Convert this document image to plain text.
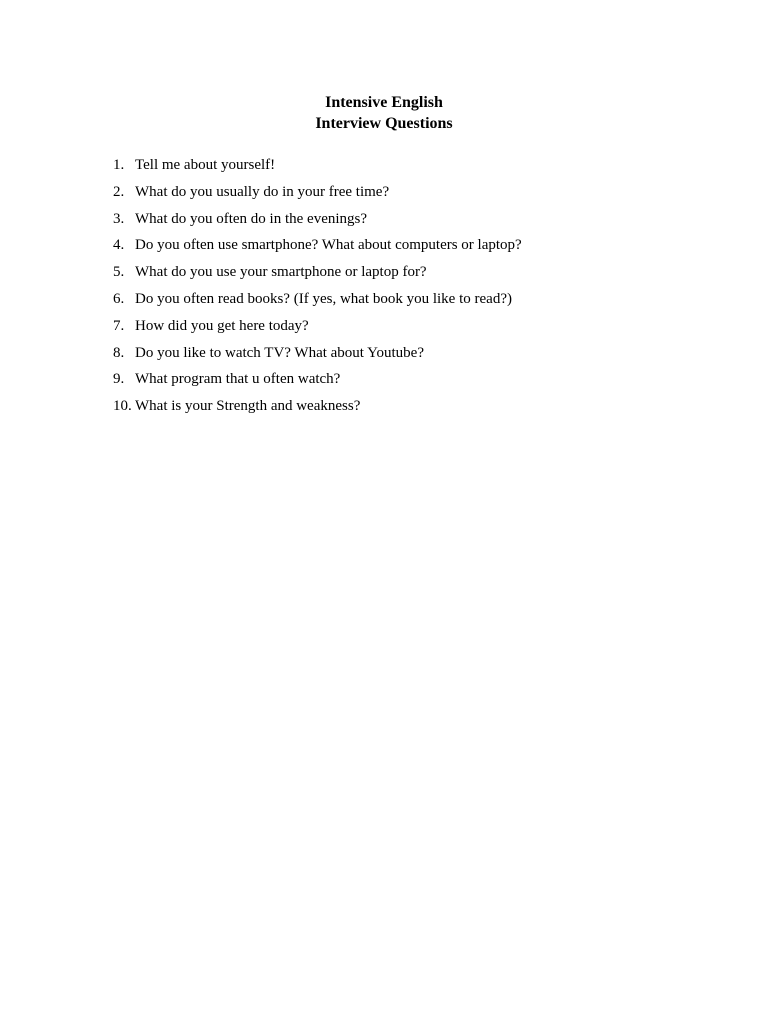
Intensive English
Interview Questions
1. Tell me about yourself!
2. What do you usually do in your free time?
3. What do you often do in the evenings?
4. Do you often use smartphone? What about computers or laptop?
5. What do you use your smartphone or laptop for?
6. Do you often read books? (If yes, what book you like to read?)
7. How did you get here today?
8. Do you like to watch TV? What about Youtube?
9. What program that u often watch?
10. What is your Strength and weakness?
